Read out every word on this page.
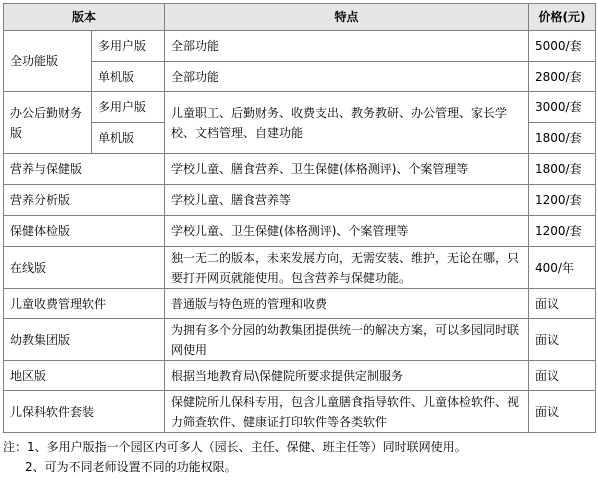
版本		特点	价格(元)
全功能版	多用户版	全部功能	5000/套
	单机版	全部功能	2800/套
办公后勤财务版	多用户版	儿童职工、后勤财务、收费支出、教务教研、办公管理、家长学校、文档管理、自建功能	3000/套
	单机版		1800/套
营养与保健版		学校儿童、膳食营养、卫生保健(体格测评)、个案管理等	1800/套
营养分析版		学校儿童、膳食营养等	1200/套
保健体检版		学校儿童、卫生保健(体格测评)、个案管理等	1200/套
在线版		独一无二的版本，未来发展方向，无需安装、维护，无论在哪，只要打开网页就能使用。包含营养与保健功能。	400/年
儿童收费管理软件		普通版与特色班的管理和收费	面议
幼教集团版		为拥有多个分园的幼教集团提供统一的解决方案，可以多园同时联网使用	面议
地区版		根据当地教育局\保健院所要求提供定制服务	面议
儿保科软件套装		保健院所儿保科专用，包含儿童膳食指导软件、儿童体检软件、视力筛查软件、健康证打印软件等各类软件	面议
注：1、多用户版指一个园区内可多人（园长、主任、保健、班主任等）同时联网使用。
2、可为不同老师设置不同的功能权限。
